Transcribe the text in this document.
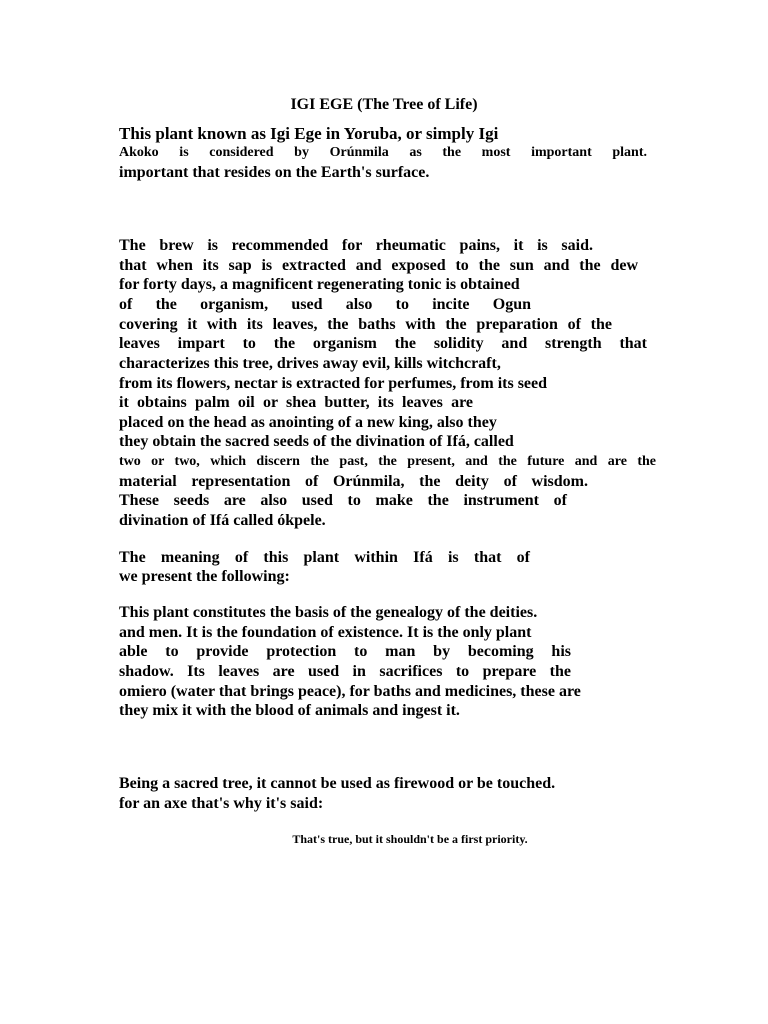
IGI EGE (The Tree of Life)
This plant known as Igi Ege in Yoruba, or simply Igi
Akoko is considered by Orúnmila as the most important plant.
important that resides on the Earth's surface.
The brew is recommended for rheumatic pains, it is said.
that when its sap is extracted and exposed to the sun and the dew
for forty days, a magnificent regenerating tonic is obtained
of the organism, used also to incite Ogun
covering it with its leaves, the baths with the preparation of the
leaves impart to the organism the solidity and strength that
characterizes this tree, drives away evil, kills witchcraft,
from its flowers, nectar is extracted for perfumes, from its seed
it obtains palm oil or shea butter, its leaves are
placed on the head as anointing of a new king, also they
they obtain the sacred seeds of the divination of Ifá, called
two or two, which discern the past, the present, and the future and are the
material representation of Orúnmila, the deity of wisdom.
These seeds are also used to make the instrument of
divination of Ifá called ókpele.
The meaning of this plant within Ifá is that of
we present the following:
This plant constitutes the basis of the genealogy of the deities.
and men. It is the foundation of existence. It is the only plant
able to provide protection to man by becoming his
shadow. Its leaves are used in sacrifices to prepare the
omiero (water that brings peace), for baths and medicines, these are
they mix it with the blood of animals and ingest it.
Being a sacred tree, it cannot be used as firewood or be touched.
for an axe that's why it's said:
That's true, but it shouldn't be a first priority.
